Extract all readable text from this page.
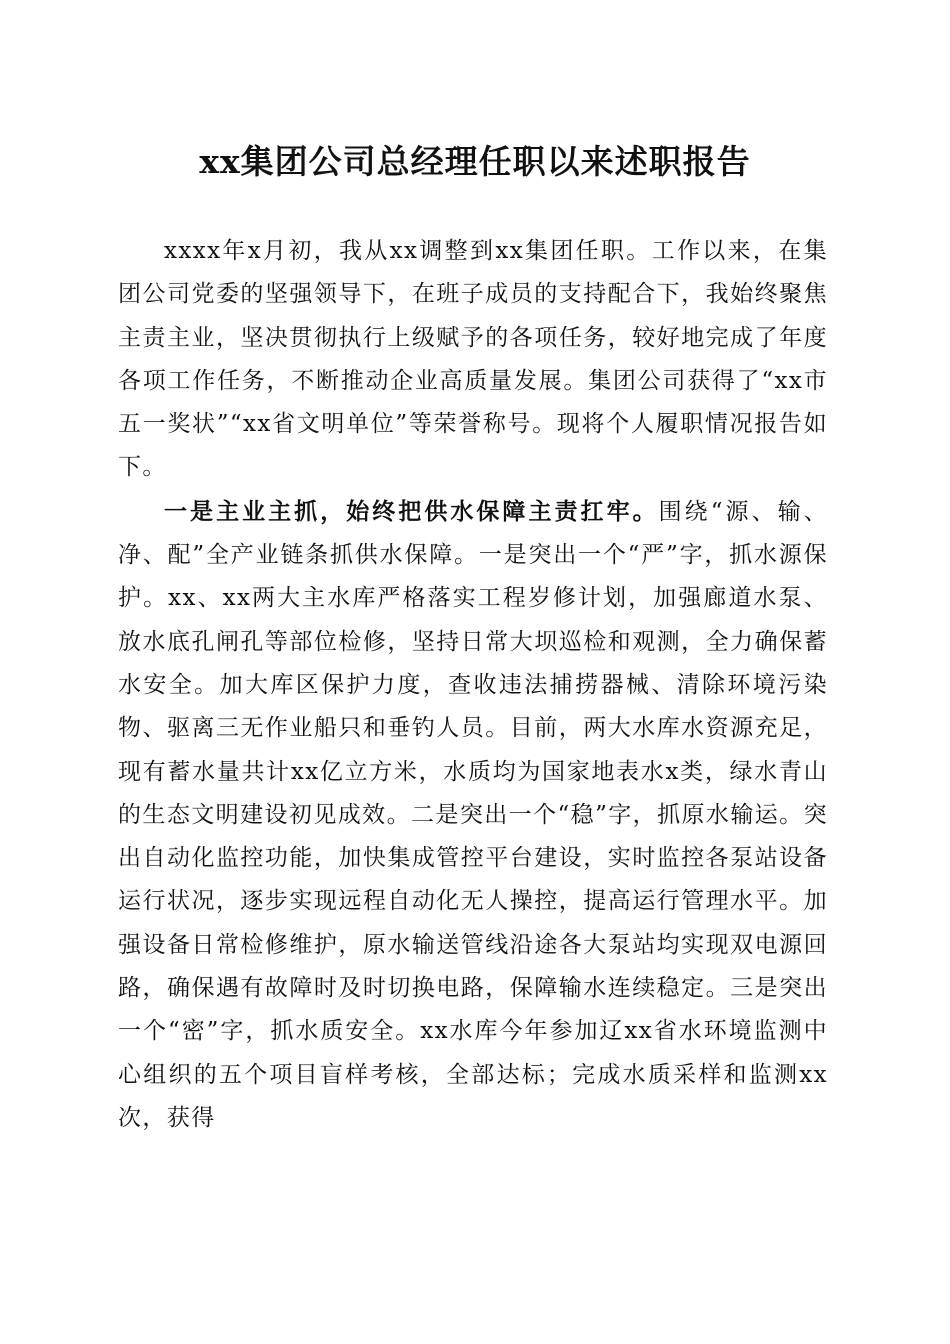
xx集团公司总经理任职以来述职报告

xxxx年x月初，我从xx调整到xx集团任职。工作以来，在集团公司党委的坚强领导下，在班子成员的支持配合下，我始终聚焦主责主业，坚决贯彻执行上级赋予的各项任务，较好地完成了年度各项工作任务，不断推动企业高质量发展。集团公司获得了“xx市五一奖状”“xx省文明单位”等荣誉称号。现将个人履职情况报告如下。

一是主业主抓，始终把供水保障主责扛牢。围绕“源、输、净、配”全产业链条抓供水保障。一是突出一个“严”字，抓水源保护。xx、xx两大主水库严格落实工程岁修计划，加强廊道水泵、放水底孔闸孔等部位检修，坚持日常大坝巡检和观测，全力确保蓄水安全。加大库区保护力度，查收违法捕捞器械、清除环境污染物、驱离三无作业船只和垂钓人员。目前，两大水库水资源充足，现有蓄水量共计xx亿立方米，水质均为国家地表水x类，绿水青山的生态文明建设初见成效。二是突出一个“稳”字，抓原水输运。突出自动化监控功能，加快集成管控平台建设，实时监控各泵站设备运行状况，逐步实现远程自动化无人操控，提高运行管理水平。加强设备日常检修维护，原水输送管线沿途各大泵站均实现双电源回路，确保遇有故障时及时切换电路，保障输水连续稳定。三是突出一个“密”字，抓水质安全。xx水库今年参加辽xx省水环境监测中心组织的五个项目盲样考核，全部达标；完成水质采样和监测xx次，获得
